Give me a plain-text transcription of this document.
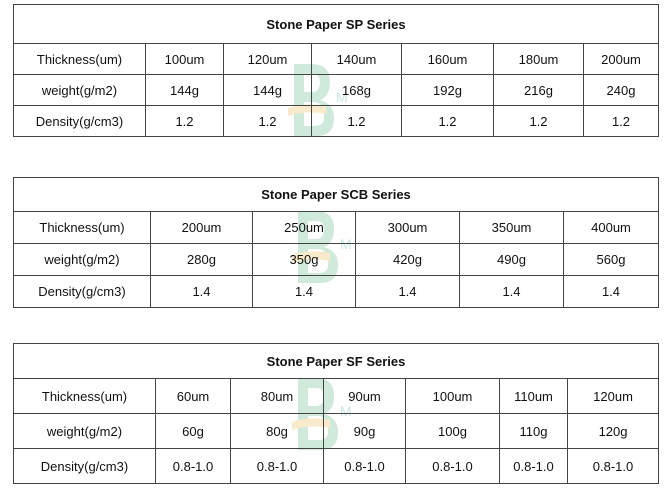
M
M
M
Stone Paper SP Series						
Thickness(um)	100um	120um	140um	160um	180um	200um
weight(g/m2)	144g	144g	168g	192g	216g	240g
Density(g/cm3)	1.2	1.2	1.2	1.2	1.2	1.2
Stone Paper SCB Series					
Thickness(um)	200um	250um	300um	350um	400um
weight(g/m2)	280g	350g	420g	490g	560g
Density(g/cm3)	1.4	1.4	1.4	1.4	1.4
Stone Paper SF Series						
Thickness(um)	60um	80um	90um	100um	110um	120um
weight(g/m2)	60g	80g	90g	100g	110g	120g
Density(g/cm3)	0.8-1.0	0.8-1.0	0.8-1.0	0.8-1.0	0.8-1.0	0.8-1.0
